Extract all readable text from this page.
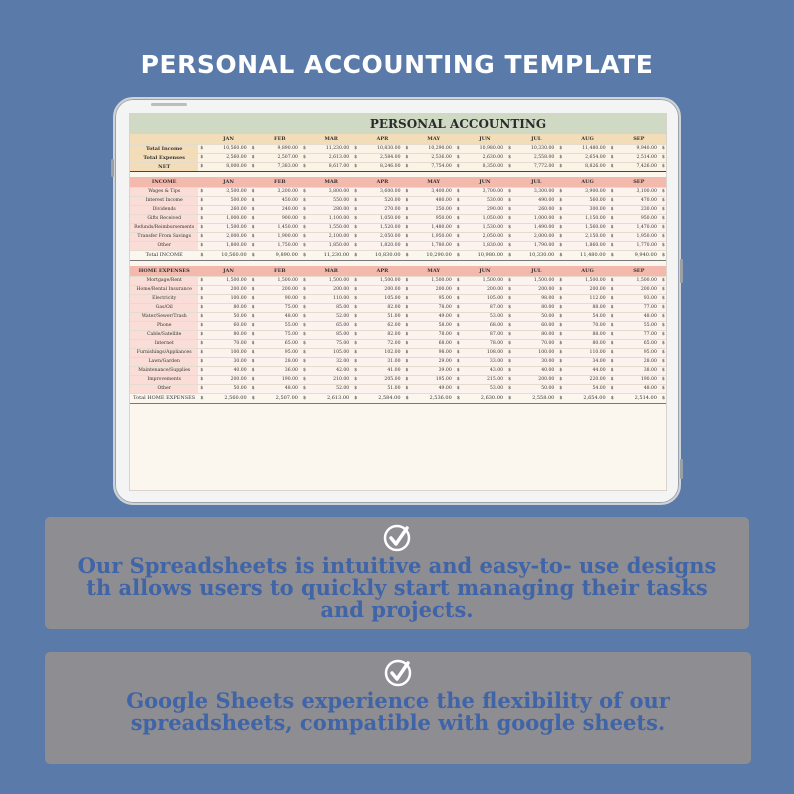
PERSONAL ACCOUNTING TEMPLATE
PERSONAL ACCOUNTING
		JAN		FEB		MAR		APR		MAY		JUN		JUL		AUG		SEP	
Total Income	$	10,560.00	$	9,890.00	$	11,230.00	$	10,830.00	$	10,290.00	$	10,980.00	$	10,330.00	$	11,480.00	$	9,940.00	$
Total Expenses	$	2,560.00	$	2,507.00	$	2,613.00	$	2,584.00	$	2,536.00	$	2,630.00	$	2,558.00	$	2,654.00	$	2,514.00	$
NET	$	8,000.00	$	7,383.00	$	8,617.00	$	8,246.00	$	7,754.00	$	8,350.00	$	7,772.00	$	8,826.00	$	7,426.00	$

INCOME		JAN		FEB		MAR		APR		MAY		JUN		JUL		AUG		SEP	
Wages & Tips	$	3,500.00	$	3,200.00	$	3,800.00	$	3,600.00	$	3,400.00	$	3,700.00	$	3,300.00	$	3,900.00	$	3,100.00	$
Interest Income	$	500.00	$	450.00	$	550.00	$	520.00	$	480.00	$	530.00	$	490.00	$	560.00	$	470.00	$
Dividends	$	260.00	$	240.00	$	280.00	$	270.00	$	250.00	$	290.00	$	260.00	$	300.00	$	230.00	$
Gifts Received	$	1,000.00	$	900.00	$	1,100.00	$	1,050.00	$	950.00	$	1,050.00	$	1,000.00	$	1,150.00	$	950.00	$
Refunds/Reimbursements	$	1,500.00	$	1,450.00	$	1,550.00	$	1,520.00	$	1,480.00	$	1,530.00	$	1,490.00	$	1,560.00	$	1,470.00	$
Transfer From Savings	$	2,000.00	$	1,900.00	$	2,100.00	$	2,050.00	$	1,950.00	$	2,050.00	$	2,000.00	$	2,150.00	$	1,950.00	$
Other	$	1,800.00	$	1,750.00	$	1,850.00	$	1,820.00	$	1,780.00	$	1,830.00	$	1,790.00	$	1,860.00	$	1,770.00	$
Total INCOME	$	10,560.00	$	9,890.00	$	11,230.00	$	10,830.00	$	10,290.00	$	10,980.00	$	10,330.00	$	11,480.00	$	9,940.00	$

HOME EXPENSES		JAN		FEB		MAR		APR		MAY		JUN		JUL		AUG		SEP	
Mortgage/Rent	$	1,500.00	$	1,500.00	$	1,500.00	$	1,500.00	$	1,500.00	$	1,500.00	$	1,500.00	$	1,500.00	$	1,500.00	$
Home/Rental Insurance	$	200.00	$	200.00	$	200.00	$	200.00	$	200.00	$	200.00	$	200.00	$	200.00	$	200.00	$
Electricity	$	100.00	$	90.00	$	110.00	$	105.00	$	95.00	$	105.00	$	98.00	$	112.00	$	93.00	$
Gas/Oil	$	80.00	$	75.00	$	85.00	$	82.00	$	78.00	$	87.00	$	80.00	$	88.00	$	77.00	$
Water/Sewer/Trash	$	50.00	$	48.00	$	52.00	$	51.00	$	49.00	$	53.00	$	50.00	$	54.00	$	48.00	$
Phone	$	60.00	$	55.00	$	65.00	$	62.00	$	58.00	$	68.00	$	60.00	$	70.00	$	55.00	$
Cable/Satellite	$	80.00	$	75.00	$	85.00	$	82.00	$	78.00	$	87.00	$	80.00	$	88.00	$	77.00	$
Internet	$	70.00	$	65.00	$	75.00	$	72.00	$	68.00	$	78.00	$	70.00	$	80.00	$	65.00	$
Furnishings/Appliances	$	100.00	$	95.00	$	105.00	$	102.00	$	98.00	$	108.00	$	100.00	$	110.00	$	95.00	$
Lawn/Garden	$	30.00	$	28.00	$	32.00	$	31.00	$	29.00	$	33.00	$	30.00	$	34.00	$	28.00	$
Maintenance/Supplies	$	40.00	$	36.00	$	42.00	$	41.00	$	39.00	$	43.00	$	40.00	$	44.00	$	38.00	$
Improvements	$	200.00	$	190.00	$	210.00	$	205.00	$	195.00	$	215.00	$	200.00	$	220.00	$	190.00	$
Other	$	50.00	$	48.00	$	52.00	$	51.00	$	49.00	$	53.00	$	50.00	$	54.00	$	48.00	$
Total HOME EXPENSES	$	2,560.00	$	2,507.00	$	2,613.00	$	2,584.00	$	2,536.00	$	2,630.00	$	2,558.00	$	2,654.00	$	2,514.00	$
Our Spreadsheets is intuitive and easy-to- use designs th allows users to quickly start managing their tasks and projects.
Google Sheets experience the flexibility of our spreadsheets, compatible with google sheets.
